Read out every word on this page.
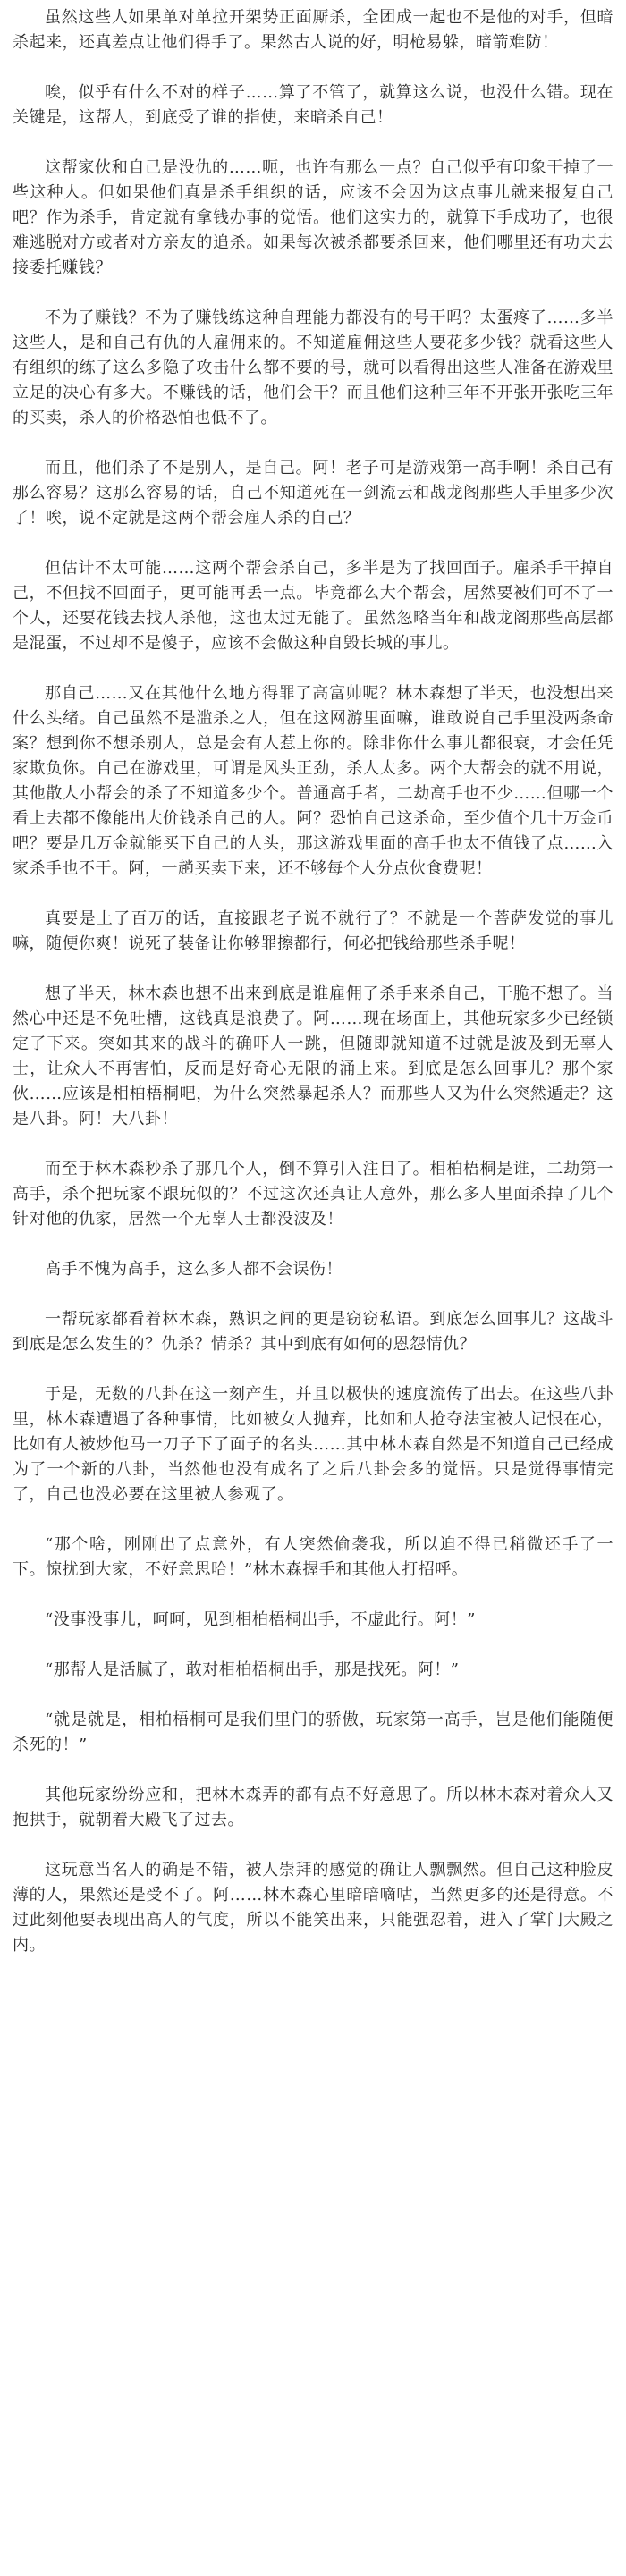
虽然这些人如果单对单拉开架势正面厮杀，全团成一起也不是他的对手，但暗杀起来，还真差点让他们得手了。果然古人说的好，明枪易躲，暗箭难防！

唉，似乎有什么不对的样子……算了不管了，就算这么说，也没什么错。现在关键是，这帮人，到底受了谁的指使，来暗杀自己！

这帮家伙和自己是没仇的……呃，也许有那么一点？自己似乎有印象干掉了一些这种人。但如果他们真是杀手组织的话，应该不会因为这点事儿就来报复自己吧？作为杀手，肯定就有拿钱办事的觉悟。他们这实力的，就算下手成功了，也很难逃脱对方或者对方亲友的追杀。如果每次被杀都要杀回来，他们哪里还有功夫去接委托赚钱？

不为了赚钱？不为了赚钱练这种自理能力都没有的号干吗？太蛋疼了……多半这些人，是和自己有仇的人雇佣来的。不知道雇佣这些人要花多少钱？就看这些人有组织的练了这么多隐了攻击什么都不要的号，就可以看得出这些人准备在游戏里立足的决心有多大。不赚钱的话，他们会干？而且他们这种三年不开张开张吃三年的买卖，杀人的价格恐怕也低不了。

而且，他们杀了不是别人，是自己。阿！老子可是游戏第一高手啊！杀自己有那么容易？这那么容易的话，自己不知道死在一剑流云和战龙阁那些人手里多少次了！唉，说不定就是这两个帮会雇人杀的自己？

但估计不太可能……这两个帮会杀自己，多半是为了找回面子。雇杀手干掉自己，不但找不回面子，更可能再丢一点。毕竟都么大个帮会，居然要被们可不了一个人，还要花钱去找人杀他，这也太过无能了。虽然忽略当年和战龙阁那些高层都是混蛋，不过却不是傻子，应该不会做这种自毁长城的事儿。

那自己……又在其他什么地方得罪了高富帅呢？林木森想了半天，也没想出来什么头绪。自己虽然不是滥杀之人，但在这网游里面嘛，谁敢说自己手里没两条命案？想到你不想杀别人，总是会有人惹上你的。除非你什么事儿都很衰，才会任凭家欺负你。自己在游戏里，可谓是风头正劲，杀人太多。两个大帮会的就不用说，其他散人小帮会的杀了不知道多少个。普通高手者，二劫高手也不少……但哪一个看上去都不像能出大价钱杀自己的人。阿？恐怕自己这杀命，至少值个几十万金币吧？要是几万金就能买下自己的人头，那这游戏里面的高手也太不值钱了点……入家杀手也不干。阿，一趟买卖下来，还不够每个人分点伙食费呢！

真要是上了百万的话，直接跟老子说不就行了？不就是一个菩萨发觉的事儿嘛，随便你爽！说死了装备让你够罪擦都行，何必把钱给那些杀手呢！

想了半天，林木森也想不出来到底是谁雇佣了杀手来杀自己，干脆不想了。当然心中还是不免吐槽，这钱真是浪费了。阿……现在场面上，其他玩家多少已经锁定了下来。突如其来的战斗的确吓人一跳，但随即就知道不过就是波及到无辜人士，让众人不再害怕，反而是好奇心无限的涌上来。到底是怎么回事儿？那个家伙……应该是相柏梧桐吧，为什么突然暴起杀人？而那些人又为什么突然遁走？这是八卦。阿！大八卦！

而至于林木森秒杀了那几个人，倒不算引入注目了。相柏梧桐是谁，二劫第一高手，杀个把玩家不跟玩似的？不过这次还真让人意外，那么多人里面杀掉了几个针对他的仇家，居然一个无辜人士都没波及！

高手不愧为高手，这么多人都不会误伤！

一帮玩家都看着林木森，熟识之间的更是窃窃私语。到底怎么回事儿？这战斗到底是怎么发生的？仇杀？情杀？其中到底有如何的恩怨情仇？

于是，无数的八卦在这一刻产生，并且以极快的速度流传了出去。在这些八卦里，林木森遭遇了各种事情，比如被女人抛弃，比如和人抢夺法宝被人记恨在心，比如有人被炒他马一刀子下了面子的名头……其中林木森自然是不知道自己已经成为了一个新的八卦，当然他也没有成名了之后八卦会多的觉悟。只是觉得事情完了，自己也没必要在这里被人参观了。

“那个啥，刚刚出了点意外，有人突然偷袭我，所以迫不得已稍微还手了一下。惊扰到大家，不好意思哈！”林木森握手和其他人打招呼。

“没事没事儿，呵呵，见到相柏梧桐出手，不虚此行。阿！”

“那帮人是活腻了，敢对相柏梧桐出手，那是找死。阿！”

“就是就是，相柏梧桐可是我们里门的骄傲，玩家第一高手，岂是他们能随便杀死的！”

其他玩家纷纷应和，把林木森弄的都有点不好意思了。所以林木森对着众人又抱拱手，就朝着大殿飞了过去。

这玩意当名人的确是不错，被人崇拜的感觉的确让人飘飘然。但自己这种脸皮薄的人，果然还是受不了。阿……林木森心里暗暗嘀咕，当然更多的还是得意。不过此刻他要表现出高人的气度，所以不能笑出来，只能强忍着，进入了掌门大殿之内。
